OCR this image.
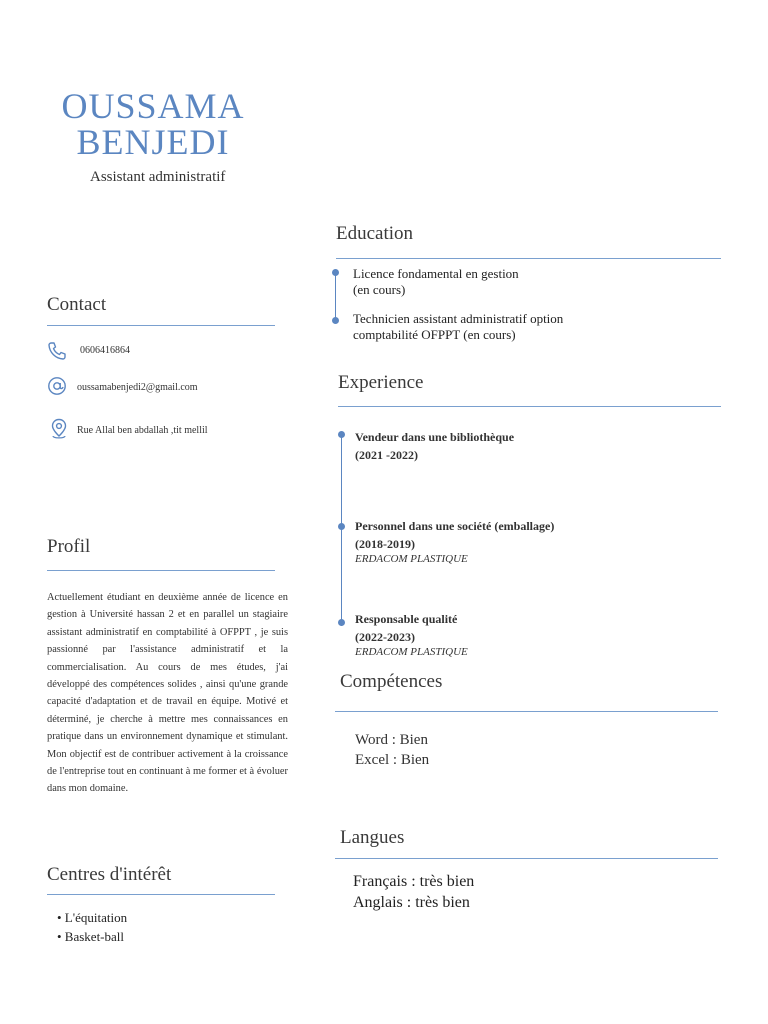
OUSSAMA
BENJEDI
Assistant administratif
Contact
0606416864
oussamabenjedi2@gmail.com
Rue Allal ben abdallah ,tit mellil
Profil
Actuellement étudiant en deuxième année de licence en gestion à Université hassan 2 et en parallel un stagiaire assistant administratif en comptabilité à OFPPT , je suis passionné par l'assistance administratif et la commercialisation. Au cours de mes études, j'ai développé des compétences solides , ainsi qu'une grande capacité d'adaptation et de travail en équipe. Motivé et déterminé, je cherche à mettre mes connaissances en pratique dans un environnement dynamique et stimulant. Mon objectif est de contribuer activement à la croissance de l'entreprise tout en continuant à me former et à évoluer dans mon domaine.
Centres d'intérêt
• L'équitation
• Basket-ball
Education
Licence fondamental en gestion
(en cours)
Technicien assistant administratif option
comptabilité OFPPT (en cours)
Experience
Vendeur dans une bibliothèque
(2021 -2022)
Personnel dans une société (emballage)
(2018-2019)
ERDACOM PLASTIQUE
Responsable qualité
(2022-2023)
ERDACOM PLASTIQUE
Compétences
Word : Bien
Excel : Bien
Langues
Français : très bien
Anglais : très bien
